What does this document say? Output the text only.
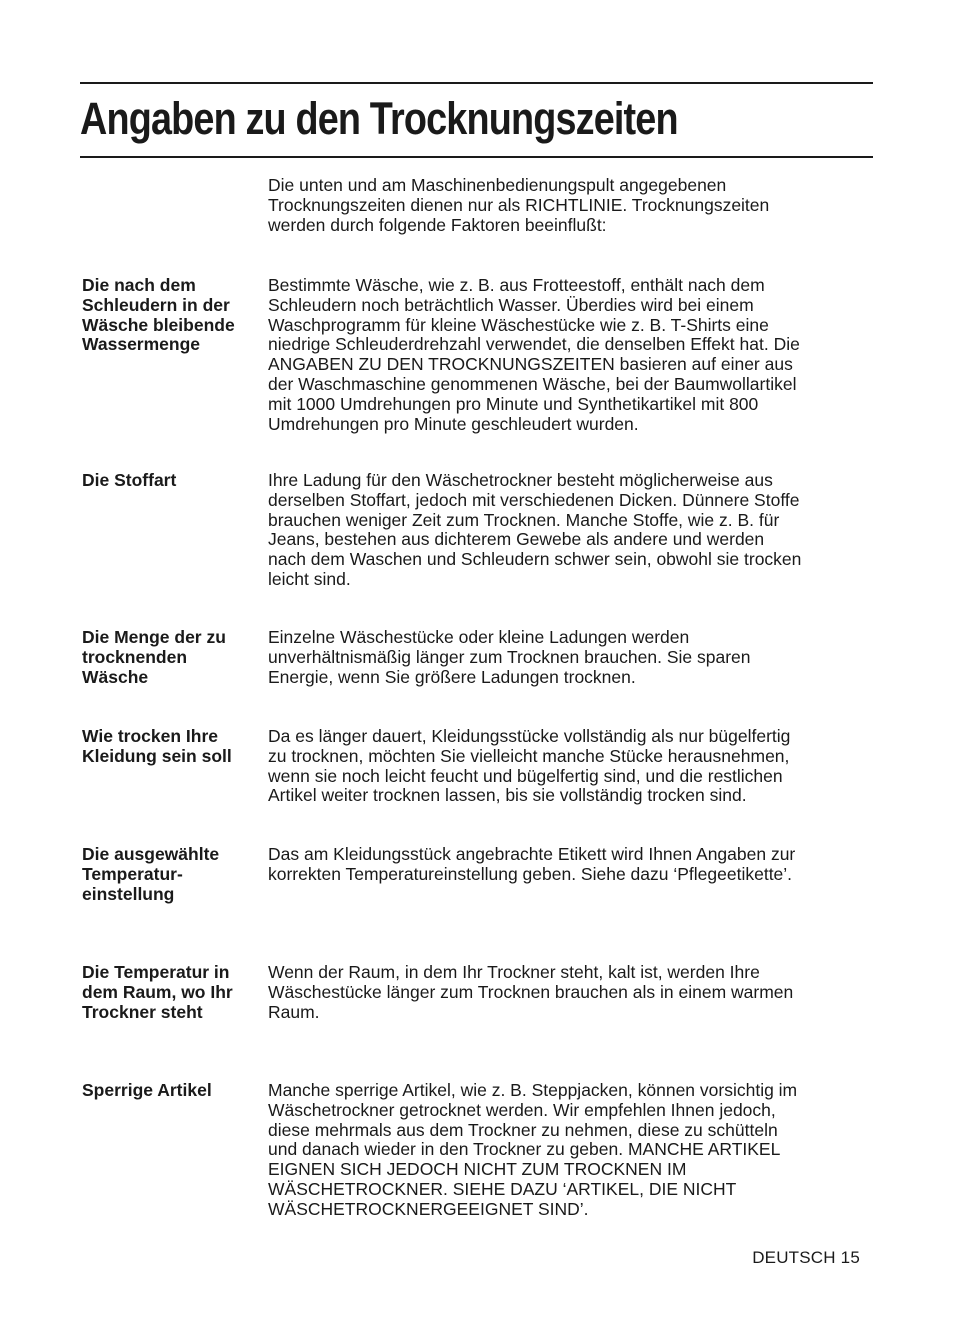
Angaben zu den Trocknungszeiten

Die unten und am Maschinenbedienungspult angegebenen
Trocknungszeiten dienen nur als RICHTLINIE. Trocknungszeiten
werden durch folgende Faktoren beeinflußt:

Die nach dem
Schleudern in der
Wäsche bleibende
Wassermenge
Bestimmte Wäsche, wie z. B. aus Frotteestoff, enthält nach dem
Schleudern noch beträchtlich Wasser. Überdies wird bei einem
Waschprogramm für kleine Wäschestücke wie z. B. T-Shirts eine
niedrige Schleuderdrehzahl verwendet, die denselben Effekt hat. Die
ANGABEN ZU DEN TROCKNUNGSZEITEN basieren auf einer aus
der Waschmaschine genommenen Wäsche, bei der Baumwollartikel
mit 1000 Umdrehungen pro Minute und Synthetikartikel mit 800
Umdrehungen pro Minute geschleudert wurden.
Die Stoffart	Ihre Ladung für den Wäschetrockner besteht möglicherweise aus
derselben Stoffart, jedoch mit verschiedenen Dicken. Dünnere Stoffe
brauchen weniger Zeit zum Trocknen. Manche Stoffe, wie z. B. für
Jeans, bestehen aus dichterem Gewebe als andere und werden
nach dem Waschen und Schleudern schwer sein, obwohl sie trocken
leicht sind.
Die Menge der zu
trocknenden
Wäsche
Einzelne Wäschestücke oder kleine Ladungen werden
unverhältnismäßig länger zum Trocknen brauchen. Sie sparen
Energie, wenn Sie größere Ladungen trocknen.
Wie trocken Ihre
Kleidung sein soll
Da es länger dauert, Kleidungsstücke vollständig als nur bügelfertig
zu trocknen, möchten Sie vielleicht manche Stücke herausnehmen,
wenn sie noch leicht feucht und bügelfertig sind, und die restlichen
Artikel weiter trocknen lassen, bis sie vollständig trocken sind.
Die ausgewählte
Temperatur-
einstellung
Das am Kleidungsstück angebrachte Etikett wird Ihnen Angaben zur
korrekten Temperatureinstellung geben. Siehe dazu ‘Pflegeetikette’.
Die Temperatur in
dem Raum, wo Ihr
Trockner steht
Wenn der Raum, in dem Ihr Trockner steht, kalt ist, werden Ihre
Wäschestücke länger zum Trocknen brauchen als in einem warmen
Raum.
Sperrige Artikel	Manche sperrige Artikel, wie z. B. Steppjacken, können vorsichtig im
Wäschetrockner getrocknet werden. Wir empfehlen Ihnen jedoch,
diese mehrmals aus dem Trockner zu nehmen, diese zu schütteln
und danach wieder in den Trockner zu geben. MANCHE ARTIKEL
EIGNEN SICH JEDOCH NICHT ZUM TROCKNEN IM
WÄSCHETROCKNER. SIEHE DAZU ‘ARTIKEL, DIE NICHT
WÄSCHETROCKNERGEEIGNET SIND’.
DEUTSCH 15
